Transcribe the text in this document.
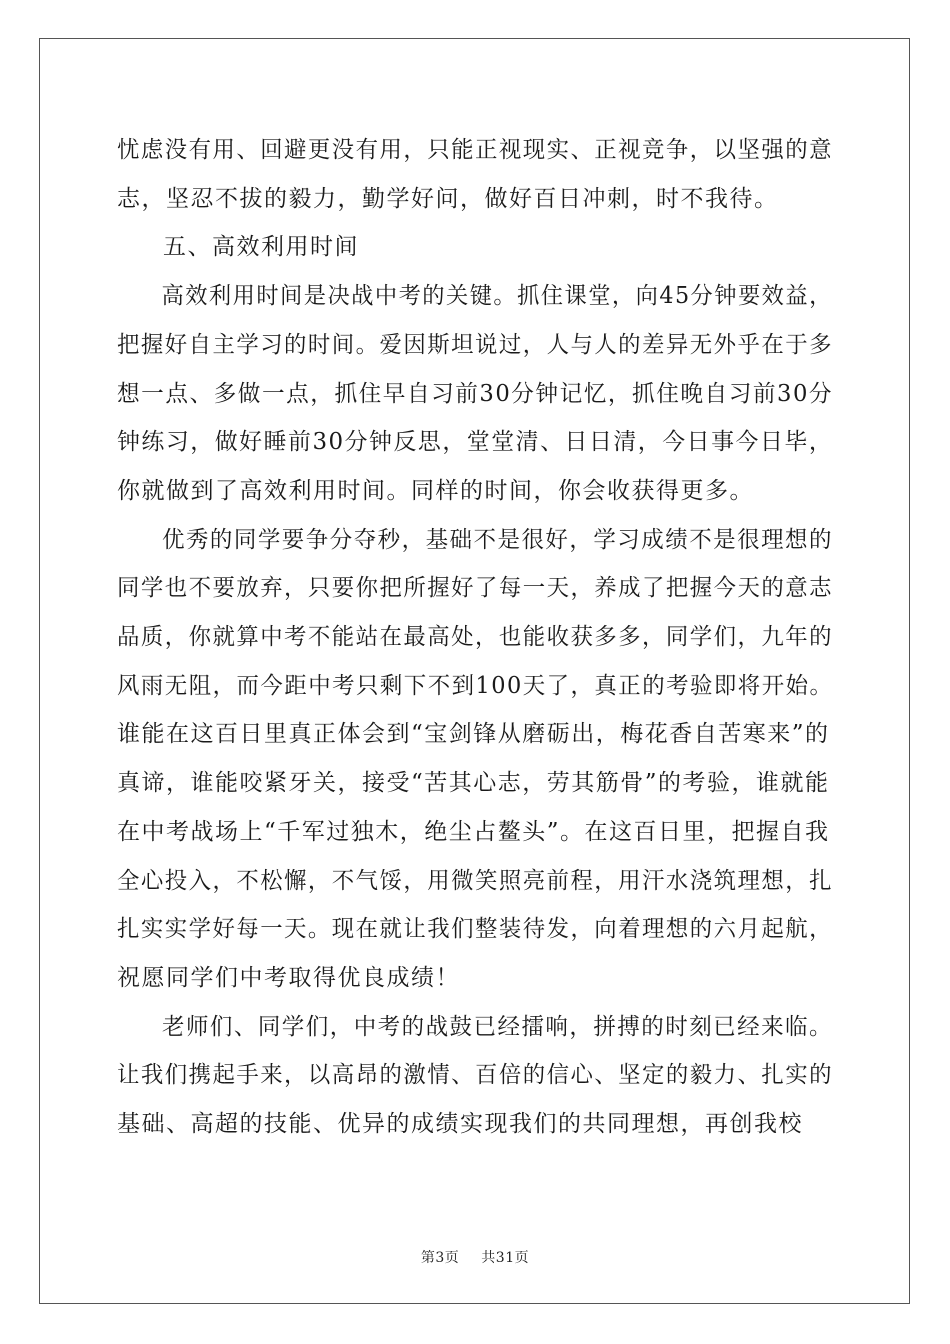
忧虑没有用、回避更没有用，只能正视现实、正视竞争，以坚强的意
志，坚忍不拔的毅力，勤学好问，做好百日冲刺，时不我待。
五、高效利用时间
高效利用时间是决战中考的关键。抓住课堂，向45分钟要效益，
把握好自主学习的时间。爱因斯坦说过，人与人的差异无外乎在于多
想一点、多做一点，抓住早自习前30分钟记忆，抓住晚自习前30分
钟练习，做好睡前30分钟反思，堂堂清、日日清，今日事今日毕，
你就做到了高效利用时间。同样的时间，你会收获得更多。
优秀的同学要争分夺秒，基础不是很好，学习成绩不是很理想的
同学也不要放弃，只要你把所握好了每一天，养成了把握今天的意志
品质，你就算中考不能站在最高处，也能收获多多，同学们，九年的
风雨无阻，而今距中考只剩下不到100天了，真正的考验即将开始。
谁能在这百日里真正体会到“宝剑锋从磨砺出，梅花香自苦寒来”的
真谛，谁能咬紧牙关，接受“苦其心志，劳其筋骨”的考验，谁就能
在中考战场上“千军过独木，绝尘占鳌头”。在这百日里，把握自我
全心投入，不松懈，不气馁，用微笑照亮前程，用汗水浇筑理想，扎
扎实实学好每一天。现在就让我们整装待发，向着理想的六月起航，
祝愿同学们中考取得优良成绩！
老师们、同学们，中考的战鼓已经擂响，拼搏的时刻已经来临。
让我们携起手来，以高昂的激情、百倍的信心、坚定的毅力、扎实的
基础、高超的技能、优异的成绩实现我们的共同理想，再创我校
第3页 共31页
